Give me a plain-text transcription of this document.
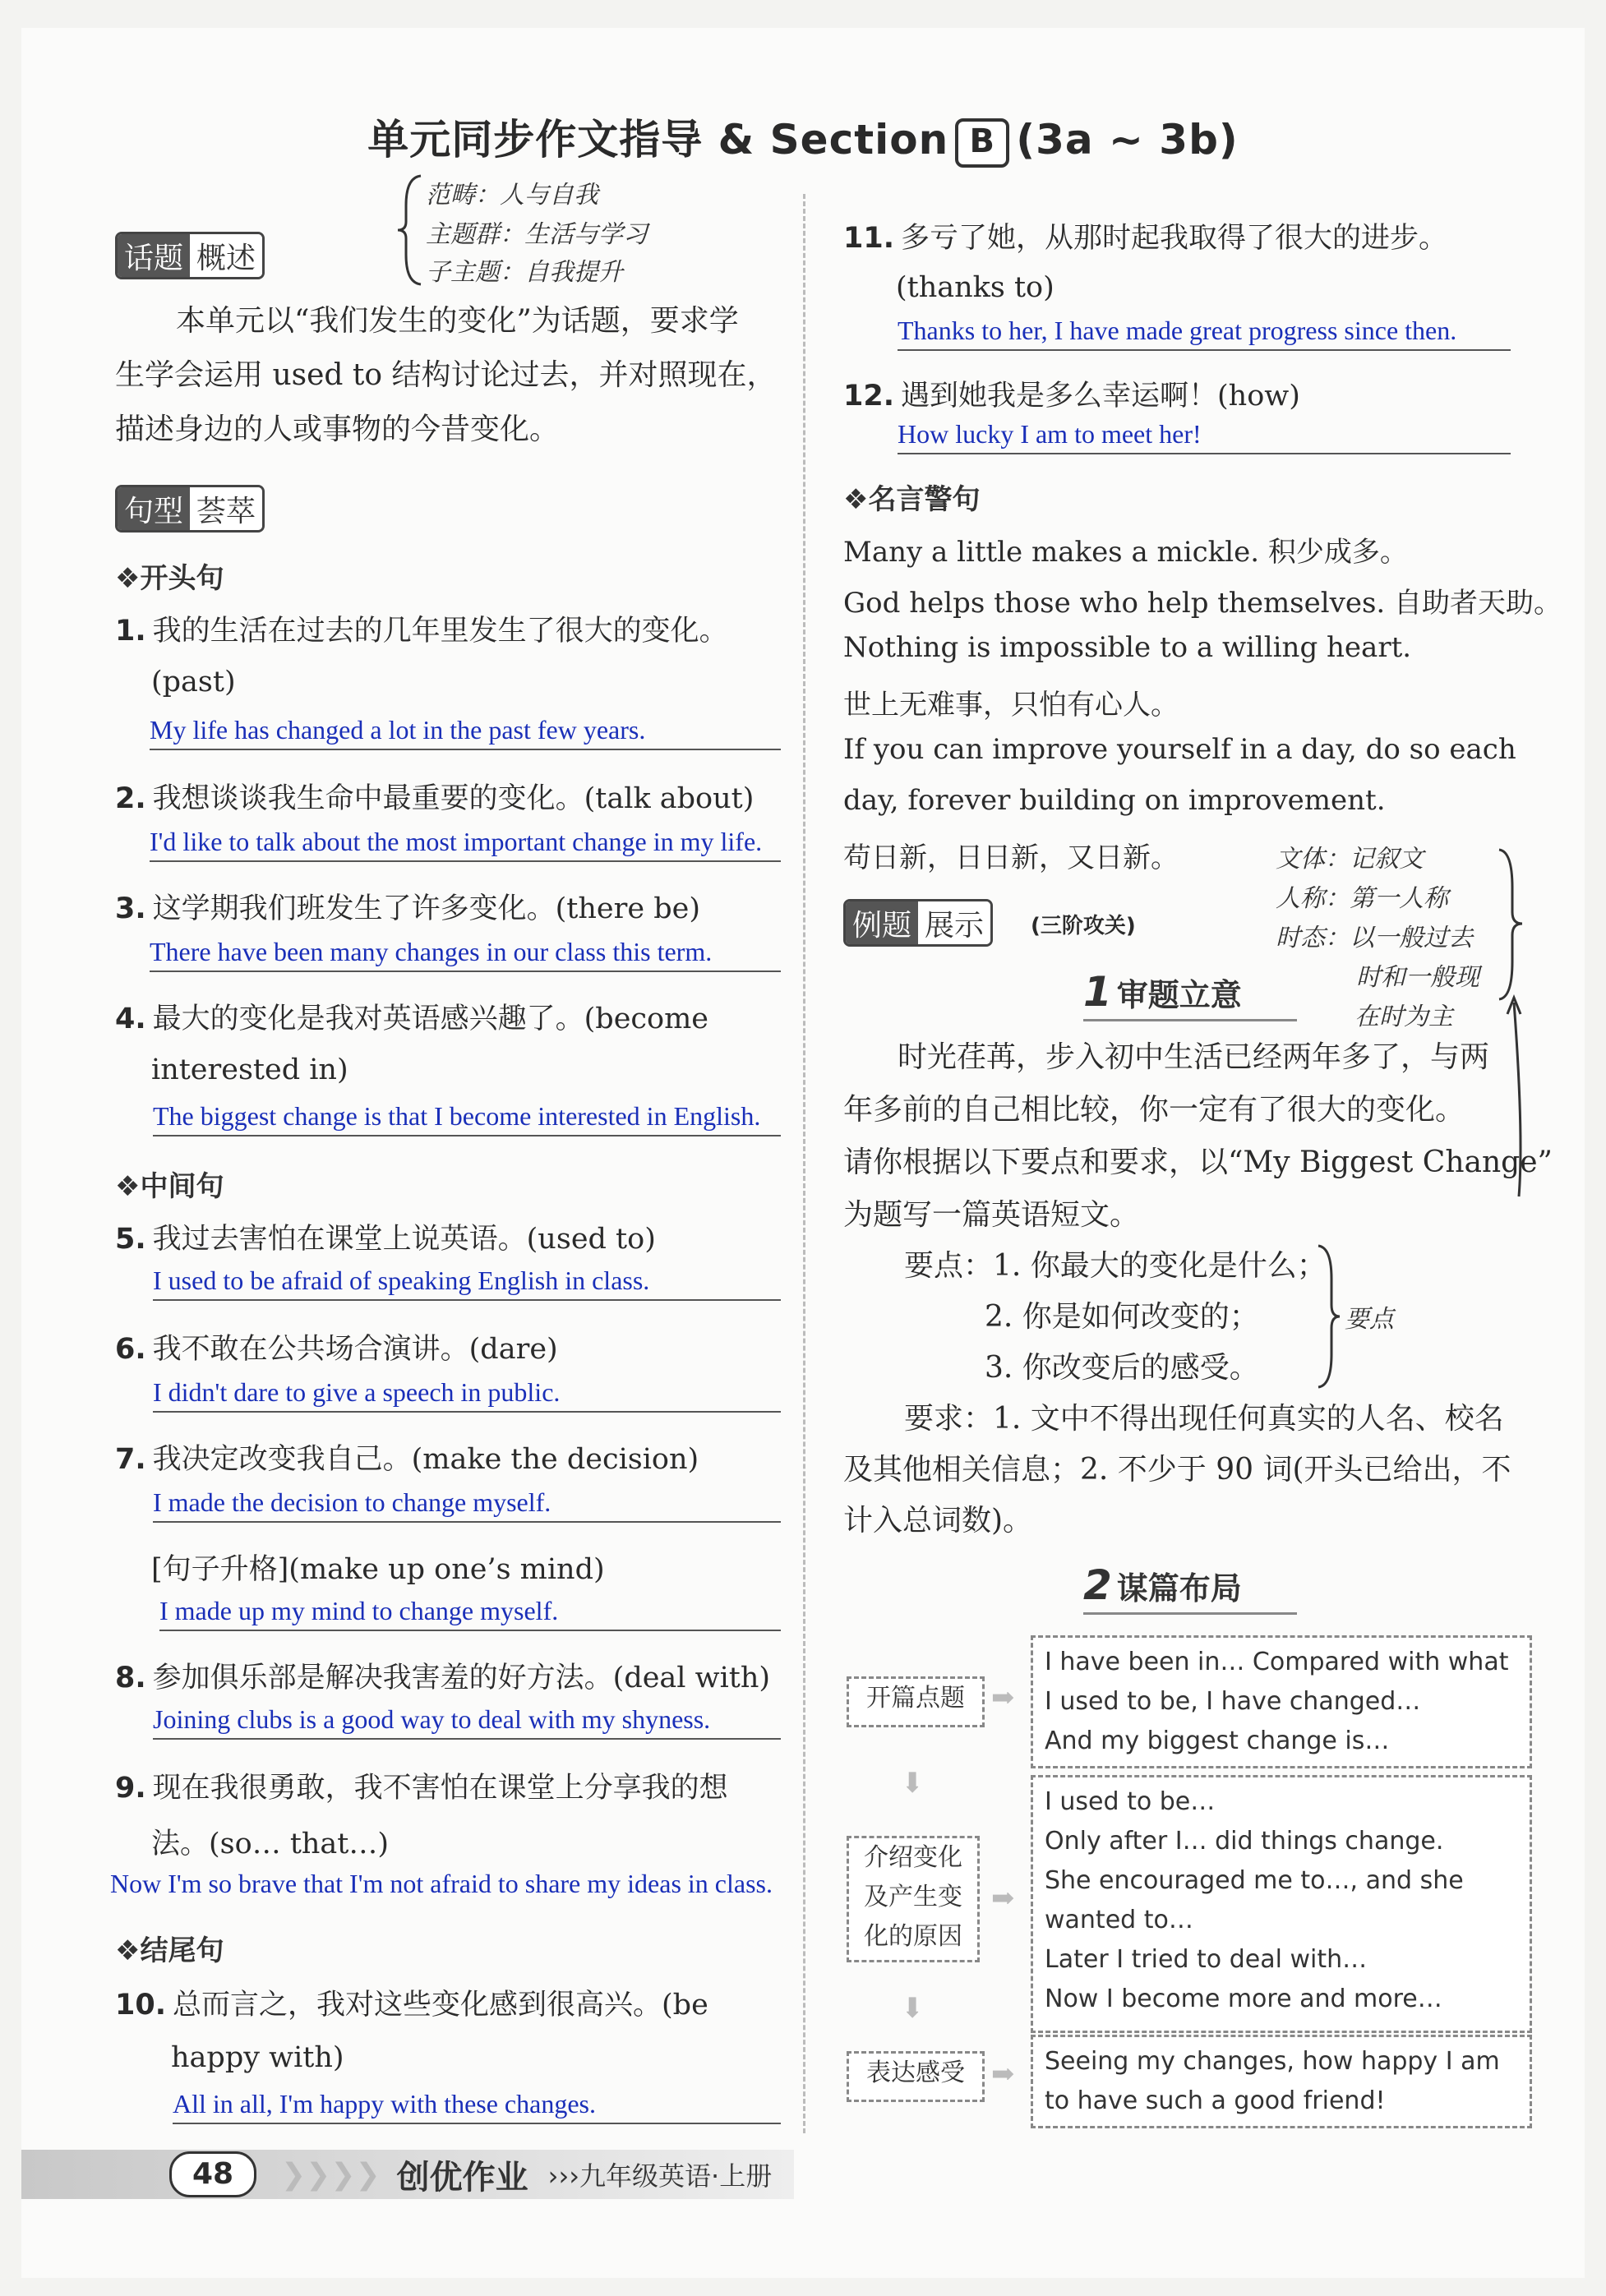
单元同步作文指导 & Section B (3a ~ 3b)
范畴：人与自我
主题群：生活与学习
子主题：自我提升
话题 概述
本单元以“我们发生的变化”为话题，要求学
生学会运用 used to 结构讨论过去，并对照现在，
描述身边的人或事物的今昔变化。
句型 荟萃
❖开头句
1. 我的生活在过去的几年里发生了很大的变化。
(past)
My life has changed a lot in the past few years.
2. 我想谈谈我生命中最重要的变化。(talk about)
I'd like to talk about the most important change in my life.
3. 这学期我们班发生了许多变化。(there be)
There have been many changes in our class this term.
4. 最大的变化是我对英语感兴趣了。(become
interested in)
The biggest change is that I become interested in English.
❖中间句
5. 我过去害怕在课堂上说英语。(used to)
I used to be afraid of speaking English in class.
6. 我不敢在公共场合演讲。(dare)
I didn't dare to give a speech in public.
7. 我决定改变我自己。(make the decision)
I made the decision to change myself.
[句子升格](make up one’s mind)
I made up my mind to change myself.
8. 参加俱乐部是解决我害羞的好方法。(deal with)
Joining clubs is a good way to deal with my shyness.
9. 现在我很勇敢，我不害怕在课堂上分享我的想
法。(so… that…)
Now I'm so brave that I'm not afraid to share my ideas in class.
❖结尾句
10. 总而言之，我对这些变化感到很高兴。(be
happy with)
All in all, I'm happy with these changes.
11. 多亏了她，从那时起我取得了很大的进步。
(thanks to)
Thanks to her, I have made great progress since then.
12. 遇到她我是多么幸运啊！(how)
How lucky I am to meet her!
❖名言警句
Many a little makes a mickle. 积少成多。
God helps those who help themselves. 自助者天助。
Nothing is impossible to a willing heart.
世上无难事，只怕有心人。
If you can improve yourself in a day, do so each
day, forever building on improvement.
苟日新，日日新，又日新。
例题 展示	(三阶攻关)
文体：记叙文
人称：第一人称
时态：以一般过去
时和一般现
在时为主
1 审题立意
时光荏苒，步入初中生活已经两年多了，与两
年多前的自己相比较，你一定有了很大的变化。
请你根据以下要点和要求，以“My Biggest Change”
为题写一篇英语短文。
要点：1. 你最大的变化是什么；
2. 你是如何改变的；
3. 你改变后的感受。
要点
要求：1. 文中不得出现任何真实的人名、校名
及其他相关信息；2. 不少于 90 词(开头已给出，不
计入总词数)。
2 谋篇布局
开篇点题 ➡
I have been in… Compared with what
I used to be, I have changed…
And my biggest change is…
⬇
介绍变化及产生变化的原因
➡
I used to be…
Only after I… did things change.
She encouraged me to…, and she
wanted to…
Later I tried to deal with…
Now I become more and more…
⬇
表达感受 ➡ Seeing my changes, how happy I am
to have such a good friend!
48	❯❯❯❯ 创优作业 ›››九年级英语·上册
